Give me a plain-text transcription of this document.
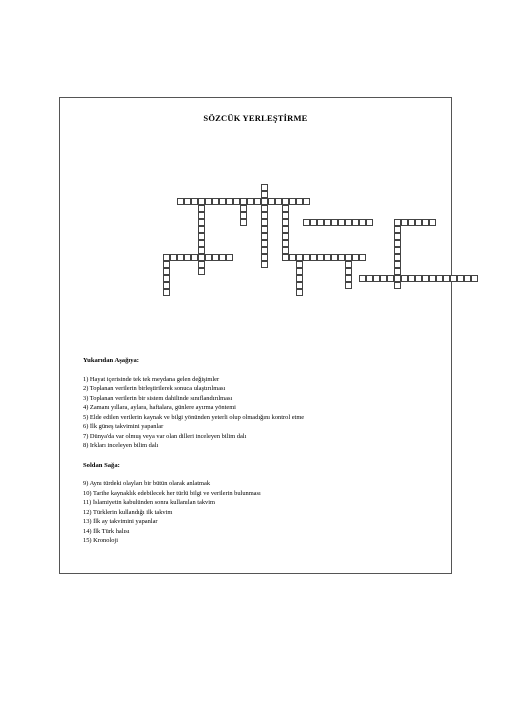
SÖZCÜK YERLEŞTİRME
Yukarıdan Aşağıya:
1) Hayat içerisinde tek tek meydana gelen değişimler
2) Toplanan verilerin birleştirilerek sonuca ulaştırılması
3) Toplanan verilerin bir sistem dahilinde sınıflandırılması
4) Zamanı yıllara, aylara, haftalara, günlere ayırma yöntemi
5) Elde edilen verilerin kaynak ve bilgi yönünden yeterli olup olmadığını kontrol etme
6) İlk güneş takvimini yapanlar
7) Dünya'da var olmuş veya var olan dilleri inceleyen bilim dalı
8) Irkları inceleyen bilim dalı
Soldan Sağa:
9) Aynı türdeki olayları bir bütün olarak anlatmak
10) Tarihe kaynaklık edebilecek her türlü bilgi ve verilerin bulunması
11) İslamiyetin kabulünden sonra kullanılan takvim
12) Türklerin kullandığı ilk takvim
13) İlk ay takvimini yapanlar
14) İlk Türk halısı
15) Kronoloji
